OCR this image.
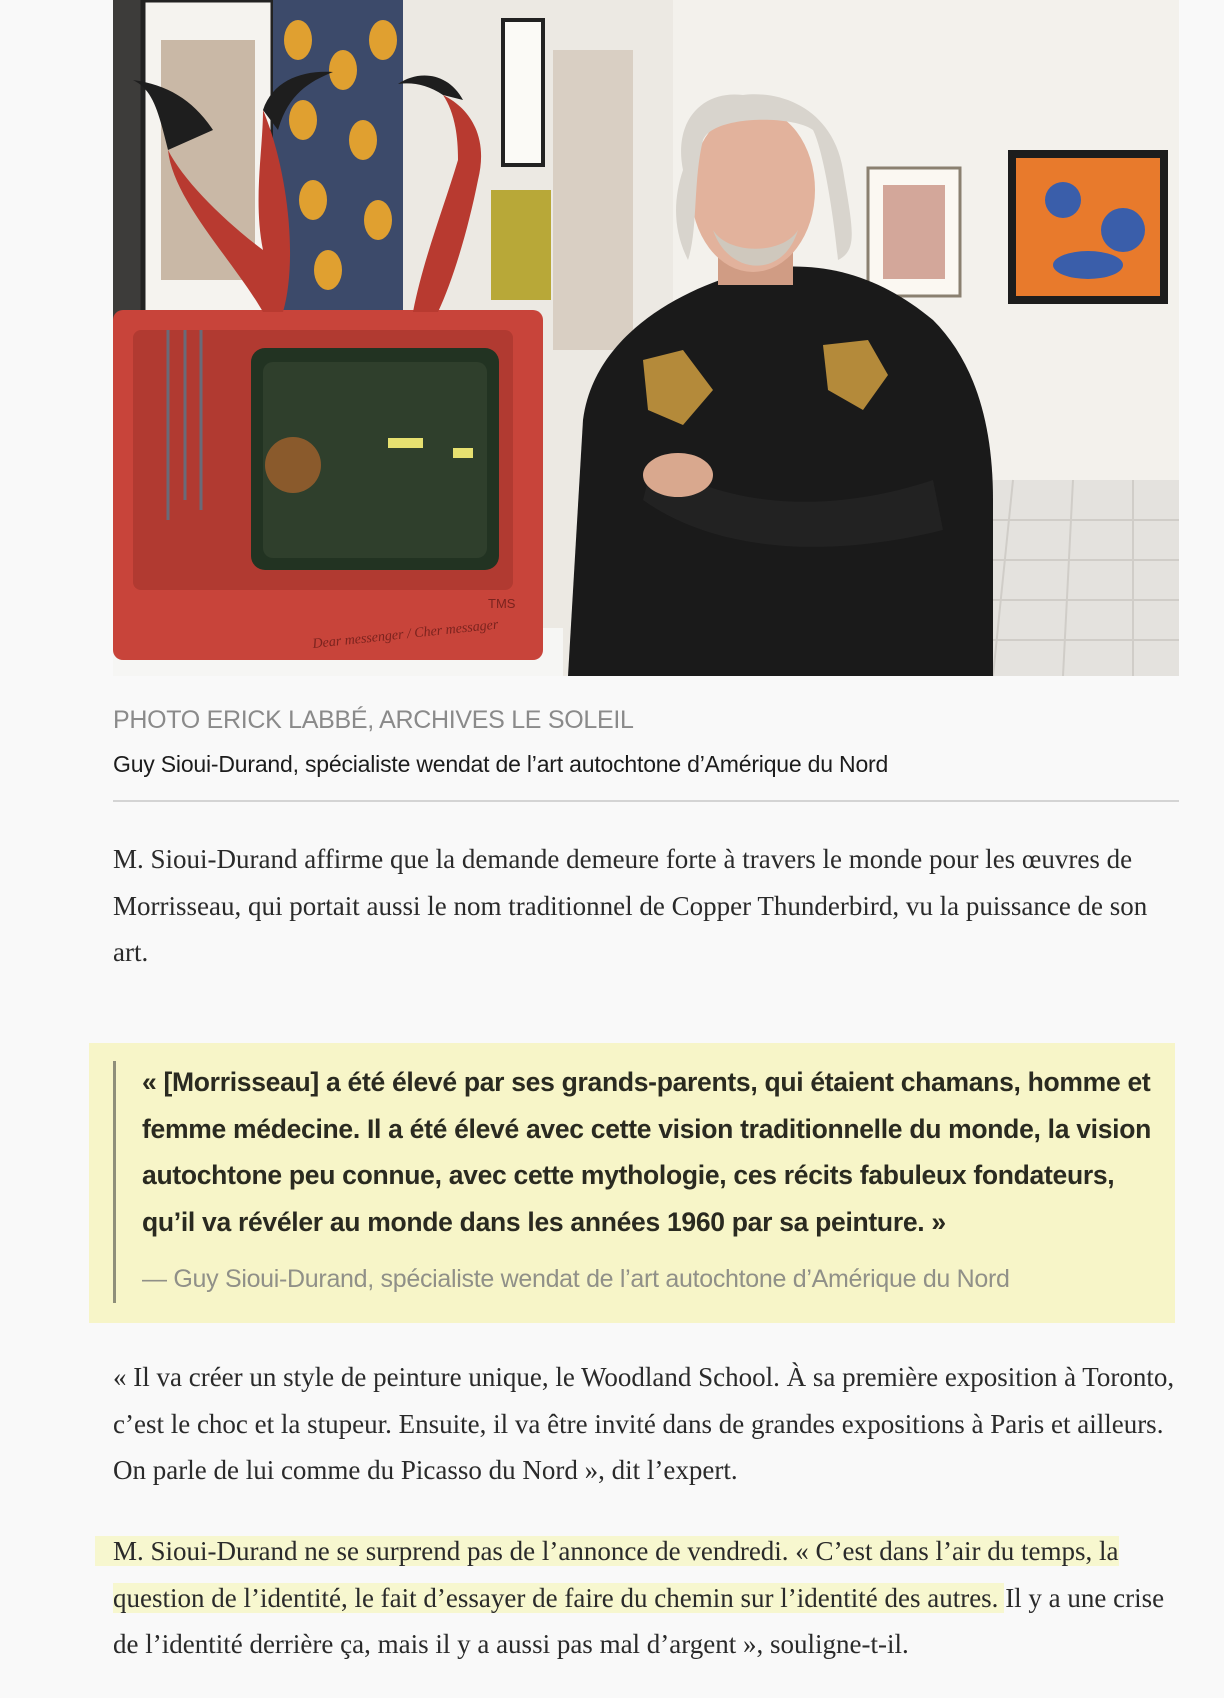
Dear messenger / Cher messager
TMS
PHOTO ERICK LABBÉ, ARCHIVES LE SOLEIL
Guy Sioui-Durand, spécialiste wendat de l’art autochtone d’Amérique du Nord

M. Sioui-Durand affirme que la demande demeure forte à travers le monde pour les œuvres de Morrisseau, qui portait aussi le nom traditionnel de Copper Thunderbird, vu la puissance de son art.

« [Morrisseau] a été élevé par ses grands-parents, qui étaient chamans, homme et femme médecine. Il a été élevé avec cette vision traditionnelle du monde, la vision autochtone peu connue, avec cette mythologie, ces récits fabuleux fondateurs, qu’il va révéler au monde dans les années 1960 par sa peinture. »
— Guy Sioui-Durand, spécialiste wendat de l’art autochtone d’Amérique du Nord

« Il va créer un style de peinture unique, le Woodland School. À sa première exposition à Toronto, c’est le choc et la stupeur. Ensuite, il va être invité dans de grandes expositions à Paris et ailleurs. On parle de lui comme du Picasso du Nord », dit l’expert.

M. Sioui-Durand ne se surprend pas de l’annonce de vendredi. « C’est dans l’air du temps, la question de l’identité, le fait d’essayer de faire du chemin sur l’identité des autres. Il y a une crise de l’identité derrière ça, mais il y a aussi pas mal d’argent », souligne-t-il.
